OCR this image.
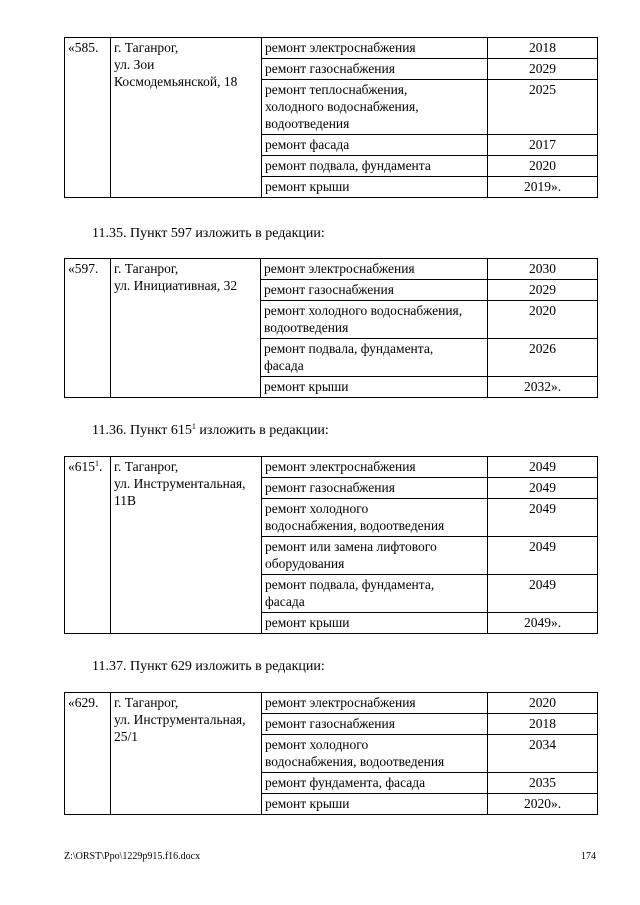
«585.	г. Таганрог,
ул. Зои
Космодемьянской, 18	ремонт электроснабжения	2018
		ремонт газоснабжения	2029

		ремонт теплоснабжения,
холодного водоснабжения,
водоотведения	2025
		ремонт фасада	2017
		ремонт подвала, фундамента	2020
		ремонт крыши	2019».
11.35. Пункт 597 изложить в редакции:
«597.	г. Таганрог,
ул. Инициативная, 32	ремонт электроснабжения	2030
		ремонт газоснабжения	2029

		ремонт холодного водоснабжения,
водоотведения	2020

		ремонт подвала, фундамента,
фасада	2026
		ремонт крыши	2032».
11.36. Пункт $615^1$ изложить в редакции:
«$615^1$.	г. Таганрог,
ул. Инструментальная,
11В	ремонт электроснабжения	2049
		ремонт газоснабжения	2049

		ремонт холодного
водоснабжения, водоотведения	2049

		ремонт или замена лифтового
оборудования	2049

		ремонт подвала, фундамента,
фасада	2049
		ремонт крыши	2049».
11.37. Пункт 629 изложить в редакции:
«629.	г. Таганрог,
ул. Инструментальная,
25/1	ремонт электроснабжения	2020
		ремонт газоснабжения	2018

		ремонт холодного
водоснабжения, водоотведения	2034
		ремонт фундамента, фасада	2035
		ремонт крыши	2020».
Z:\ORST\Ppo\1229p915.f16.docx	174
